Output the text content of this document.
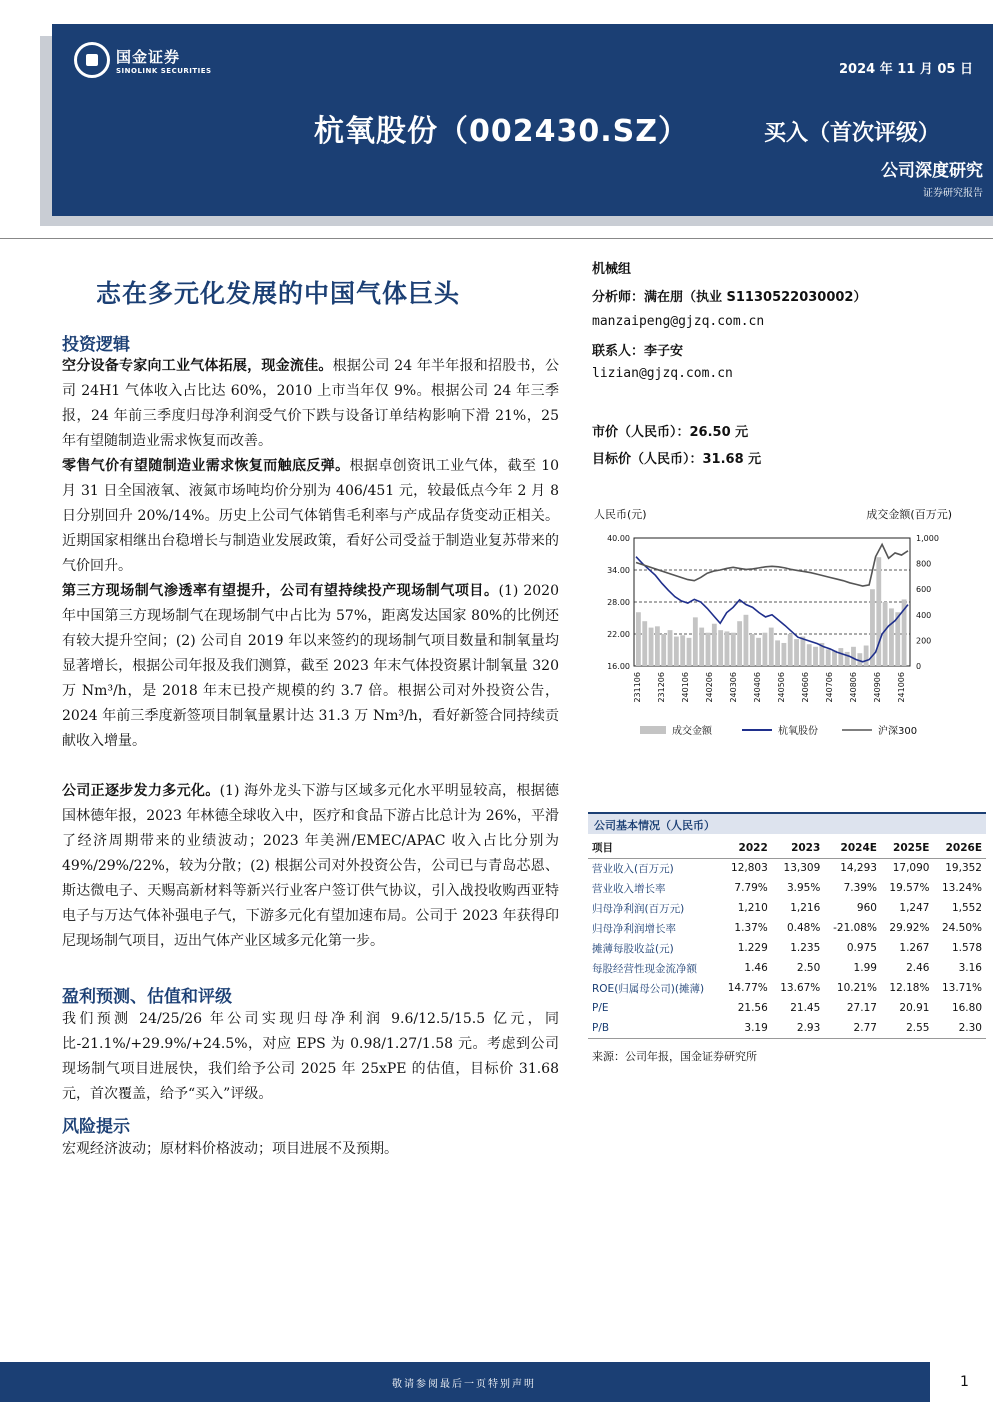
国金证券
SINOLINK SECURITIES	2024 年 11 月 05 日
杭氧股份（002430.SZ）	买入（首次评级）
公司深度研究
证券研究报告
志在多元化发展的中国气体巨头
投资逻辑
空分设备专家向工业气体拓展，现金流佳。根据公司 24 年半年报和招股书，公司 24H1 气体收入占比达 60%，2010 上市当年仅 9%。根据公司 24 年三季报，24 年前三季度归母净利润受气价下跌与设备订单结构影响下滑 21%，25 年有望随制造业需求恢复而改善。
零售气价有望随制造业需求恢复而触底反弹。根据卓创资讯工业气体，截至 10 月 31 日全国液氧、液氮市场吨均价分别为 406/451 元，较最低点今年 2 月 8 日分别回升 20%/14%。历史上公司气体销售毛利率与产成品存货变动正相关。近期国家相继出台稳增长与制造业发展政策，看好公司受益于制造业复苏带来的气价回升。
第三方现场制气渗透率有望提升，公司有望持续投产现场制气项目。(1) 2020 年中国第三方现场制气在现场制气中占比为 57%，距离发达国家 80%的比例还有较大提升空间；(2) 公司自 2019 年以来签约的现场制气项目数量和制氧量均显著增长，根据公司年报及我们测算，截至 2023 年末气体投资累计制氧量 320 万 Nm³/h，是 2018 年末已投产规模的约 3.7 倍。根据公司对外投资公告，2024 年前三季度新签项目制氧量累计达 31.3 万 Nm³/h，看好新签合同持续贡献收入增量。
公司正逐步发力多元化。(1) 海外龙头下游与区域多元化水平明显较高，根据德国林德年报，2023 年林德全球收入中，医疗和食品下游占比总计为 26%，平滑了经济周期带来的业绩波动；2023 年美洲/EMEC/APAC 收入占比分别为 49%/29%/22%，较为分散；(2) 根据公司对外投资公告，公司已与青岛芯恩、斯达微电子、天赐高新材料等新兴行业客户签订供气协议，引入战投收购西亚特电子与万达气体补强电子气，下游多元化有望加速布局。公司于 2023 年获得印尼现场制气项目，迈出气体产业区域多元化第一步。
盈利预测、估值和评级
我们预测 24/25/26 年公司实现归母净利润 9.6/12.5/15.5 亿元，同比-21.1%/+29.9%/+24.5%，对应 EPS 为 0.98/1.27/1.58 元。考虑到公司现场制气项目进展快，我们给予公司 2025 年 25xPE 的估值，目标价 31.68 元，首次覆盖，给予“买入”评级。
风险提示
宏观经济波动；原材料价格波动；项目进展不及预期。
机械组
分析师：满在朋（执业 S1130522030002）
manzaipeng@gjzq.com.cn
联系人：李子安
lizian@gjzq.com.cn
市价（人民币）：26.50 元
目标价（人民币）：31.68 元
人民币(元)	成交金额(百万元)
40.00
34.00
28.00
22.00
16.00
1,000
800
600
400
200
0
231106 231206 240106 240206 240306 240406 240506 240606 240706 240806 240906 241006
成交金额	杭氧股份	沪深300
公司基本情况（人民币）
项目	2022	2023	2024E	2025E	2026E
营业收入(百万元)	12,803	13,309	14,293	17,090	19,352
营业收入增长率	7.79%	3.95%	7.39%	19.57%	13.24%
归母净利润(百万元)	1,210	1,216	960	1,247	1,552
归母净利润增长率	1.37%	0.48%	-21.08%	29.92%	24.50%
摊薄每股收益(元)	1.229	1.235	0.975	1.267	1.578
每股经营性现金流净额	1.46	2.50	1.99	2.46	3.16
ROE(归属母公司)(摊薄)	14.77%	13.67%	10.21%	12.18%	13.71%
P/E	21.56	21.45	27.17	20.91	16.80
P/B	3.19	2.93	2.77	2.55	2.30
来源：公司年报，国金证券研究所
敬请参阅最后一页特别声明	1
